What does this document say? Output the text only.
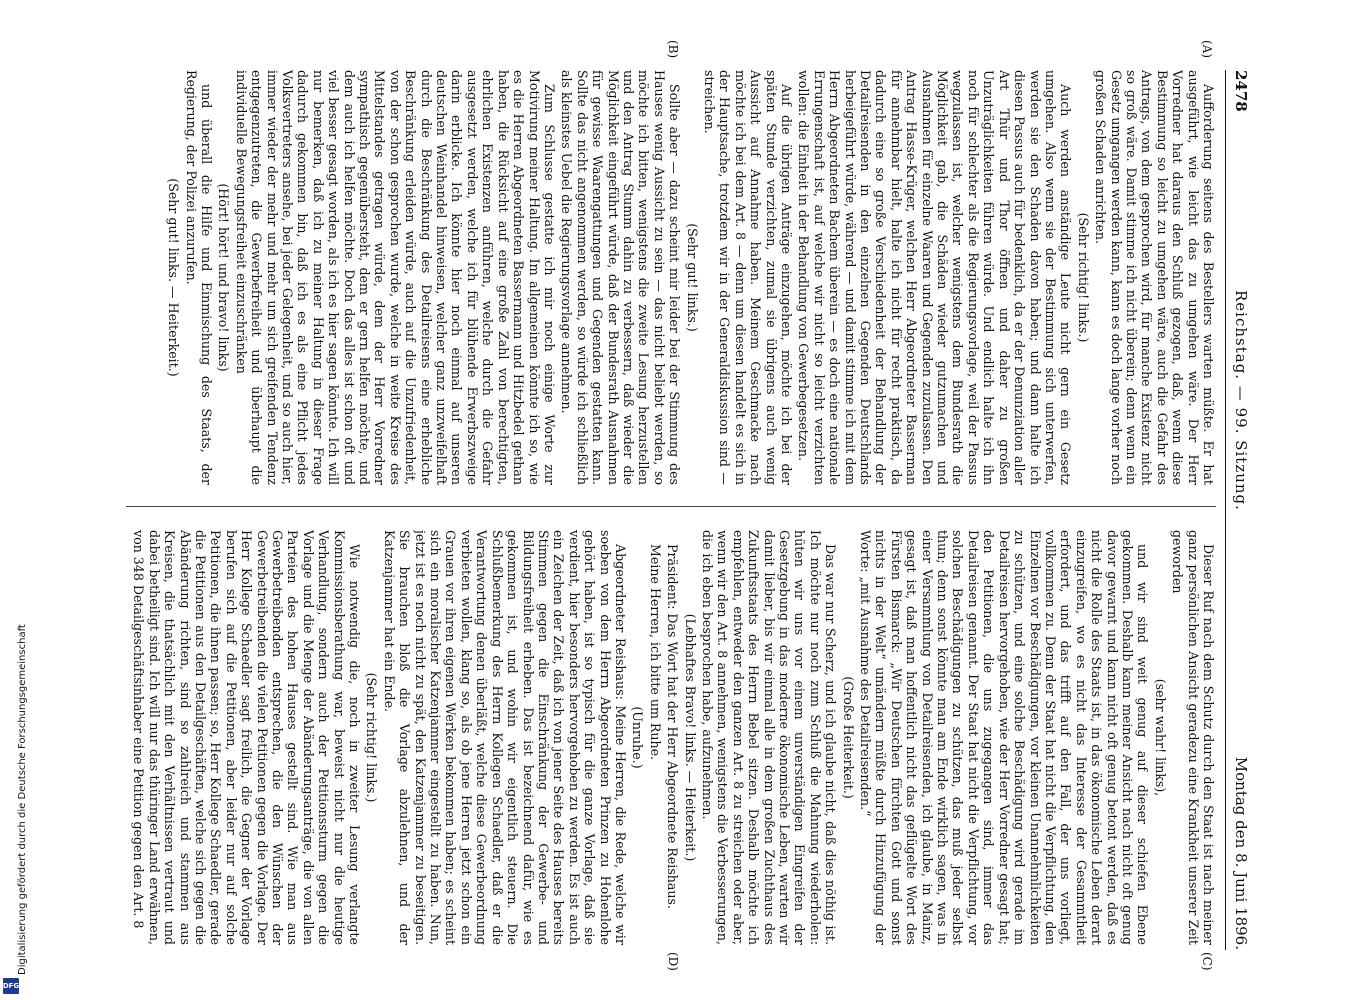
DFG
Digitalisierung gefördert durch die Deutsche Forschungsgemeinschaft
2478
Reichstag. — 99. Sitzung.
Montag den 8. Juni 1896.
(A)
(B)
(C)
(D)

Aufforderung seitens des Bestellers warten müßte. Er hat ausgeführt, wie leicht das zu umgehen wäre. Der Herr Vorredner hat daraus den Schluß gezogen, daß, wenn diese Bestimmung so leicht zu umgehen wäre, auch die Gefahr des Antrags, von dem gesprochen wird, für manche Existenz nicht so groß wäre. Damit stimme ich nicht überein; denn wenn ein Gesetz umgangen werden kann, kann es doch lange vorher noch großen Schaden anrichten.

(Sehr richtig! links.)

Auch werden anständige Leute nicht gern ein Gesetz umgehen. Also wenn sie der Bestimmung sich unterwerfen, werden sie den Schaden davon haben; und dann halte ich diesen Passus auch für bedenklich, da er der Denunziation aller Art Thür und Thor öffnen und daher zu großen Unzuträglichkeiten führen würde. Und endlich halte ich ihn noch für schlechter als die Regierungsvorlage, weil der Passus wegzulassen ist, welcher wenigstens dem Bundesrath die Möglichkeit gab, die Schäden wieder gutzumachen und Ausnahmen für einzelne Waaren und Gegenden zuzulassen. Den Antrag Hasse-Krüger, welchen Herr Abgeordneter Basserman für annehmbar hielt, halte ich nicht für recht praktisch, da dadurch eine so große Verschiedenheit der Behandlung der Detailreisenden in den einzelnen Gegenden Deutschlands herbeigeführt würde, während — und damit stimme ich mit dem Herrn Abgeordneten Bachem überein — es doch eine nationale Errungenschaft ist, auf welche wir nicht so leicht verzichten wollen: die Einheit in der Behandlung von Gewerbegesetzen.

Auf die übrigen Anträge einzugehen, möchte ich bei der späten Stunde verzichten, zumal sie übrigens auch wenig Aussicht auf Annahme haben. Meinem Geschmacke nach möchte ich bei dem Art. 8 — denn um diesen handelt es sich in der Hauptsache, trotzdem wir in der Generaldiskussion sind — streichen.

(Sehr gut! links.)

Sollte aber — dazu scheint mir leider bei der Stimmung des Hauses wenig Aussicht zu sein — das nicht beliebt werden, so möchte ich bitten, wenigstens die zweite Lesung herzustellen und den Antrag Stumm dahin zu verbessern, daß wieder die Möglichkeit eingeführt würde, daß der Bundesrath Ausnahmen für gewisse Waarengattungen und Gegenden gestatten kann. Sollte das nicht angenommen werden, so würde ich schließlich als kleinstes Uebel die Regierungsvorlage annehmen.

Zum Schlusse gestatte ich mir noch einige Worte zur Motivirung meiner Haltung. Im allgemeinen könnte ich so, wie es die Herren Abgeordneten Bassermann und Hitzbedel gethan haben, die Rücksicht auf eine große Zahl von berechtigten, ehrlichen Existenzen anführen, welche durch die Gefahr ausgesetzt werden, welche ich für blühende Erwerbszweige darin erblicke. Ich könnte hier noch einmal auf unseren deutschen Weinhandel hinweisen, welcher ganz unzweifelhaft durch die Beschränkung des Detailreisens eine erhebliche Beschränkung erleiden würde, auch auf die Unzufriedenheit, von der schon gesprochen wurde, welche in weite Kreise des Mittelstandes getragen würde, dem der Herr Vorredner sympathisch gegenübersteht, dem er gern helfen möchte, und dem auch ich helfen möchte. Doch das alles ist schon oft und viel besser gesagt worden, als ich es hier sagen könnte. Ich will nur bemerken, daß ich zu meiner Haltung in dieser Frage dadurch gekommen bin, daß ich es als eine Pflicht jedes Volksvertreters ansehe, bei jeder Gelegenheit, und so auch hier, immer wieder der mehr und mehr um sich greifenden Tendenz entgegenzutreten, die Gewerbefreiheit und überhaupt die individuelle Bewegungsfreiheit einzuschränken

(Hört! hört! und bravo! links)

und überall die Hilfe und Einmischung des Staats, der Regierung, der Polizei anzurufen.

(Sehr gut! links. — Heiterkeit.)

Dieser Ruf nach dem Schutz durch den Staat ist nach meiner ganz persönlichen Ansicht geradezu eine Krankheit unserer Zeit geworden

(sehr wahr! links),

und wir sind weit genug auf dieser schiefen Ebene gekommen. Deshalb kann meiner Ansicht nach nicht oft genug davor gewarnt und kann nicht oft genug betont werden, daß es nicht die Rolle des Staats ist, in das ökonomische Leben derart einzugreifen, wo es nicht das Interesse der Gesammtheit erfordert, und das trifft auf den Fall, der uns vorliegt, vollkommen zu. Denn der Staat hat nicht die Verpflichtung, den Einzelnen vor Beschädigungen, vor kleinen Unannehmlichkeiten zu schützen, und eine solche Beschädigung wird gerade im Detailreisen hervorgehoben, wie der Herr Vorredner gesagt hat; den Petitionen, die uns zugegangen sind, immer das Detailreisen genannt. Der Staat hat nicht die Verpflichtung, vor solchen Beschädigungen zu schützen, das muß jeder selbst thun; denn sonst könnte man am Ende wirklich sagen, was in einer Versammlung von Detailreisenden, ich glaube, in Mainz, gesagt ist, daß man hoffentlich nicht das geflügelte Wort des Fürsten Bismarck: „Wir Deutschen fürchten Gott und sonst nichts in der Welt“ umändern müßte durch Hinzufügung der Worte: „mit Ausnahme des Detailreisenden.“

(Große Heiterkeit.)

Das war nur Scherz, und ich glaube nicht, daß dies nöthig ist. Ich möchte nur noch zum Schluß die Mahnung wiederholen: hüten wir uns vor einem unverständigen Eingreifen der Gesetzgebung in das moderne ökonomische Leben, warten wir damit lieber, bis wir einmal alle in dem großen Zuchthaus des Zukunftsstaats des Herrn Bebel sitzen. Deshalb möchte ich empfehlen, entweder den ganzen Art. 8 zu streichen oder aber, wenn wir den Art. 8 annehmen, wenigstens die Verbesserungen, die ich eben besprochen habe, aufzunehmen.

(Lebhaftes Bravo! links. — Heiterkeit.)

Präsident: Das Wort hat der Herr Abgeordnete Reishaus.

Meine Herren, ich bitte um Ruhe.

(Unruhe.)

Abgeordneter Reishaus: Meine Herren, die Rede, welche wir soeben von dem Herrn Abgeordneten Prinzen zu Hohenlohe gehört haben, ist so typisch für die ganze Vorlage, daß sie verdient, hier besonders hervorgehoben zu werden. Es ist auch ein Zeichen der Zeit, daß ich von jener Seite des Hauses bereits Stimmen gegen die Einschränkung der Gewerbe- und Bildungsfreiheit erheben. Das ist bezeichnend dafür, wie es gekommen ist, und wohin wir eigentlich steuern. Die Schlußbemerkung des Herrn Kollegen Schaedler, daß er die Verantwortung denen überläßt, welche diese Gewerbeordnung verbieten wollen, klang so, als ob jene Herren jetzt schon ein Grauen vor ihren eigenen Werken bekommen haben; es scheint sich ein moralischer Katzenjammer eingestellt zu haben. Nun, jetzt ist es noch nicht zu spät, den Katzenjammer zu beseitigen. Sie brauchen bloß die Vorlage abzulehnen, und der Katzenjammer hat ein Ende.

(Sehr richtig! links.)

Wie notwendig die, noch in zweiter Lesung verlangte Kommissionsberathung war, beweist nicht nur die heutige Verhandlung, sondern auch der Petitionssturm gegen die Vorlage und die Menge der Abänderungsanträge, die von allen Parteien des hohen Hauses gestellt sind. Wie man aus Gewerbetreibenden entsprechen, die den Wünschen der Gewerbetreibenden die vielen Petitionen gegen die Vorlage. Der Herr Kollege Schaedler sagt freilich, die Gegner der Vorlage berufen sich auf die Petitionen, aber leider nur auf solche Petitionen, die ihnen passen; so, Herr Kollege Schaedler, gerade die Petitionen aus den Detailgeschäften, welche sich gegen die Abänderung richten, sind so zahlreich und stammen aus Kreisen, die thatsächlich mit den Verhältnissen vertraut und dabei betheiligt sind. Ich will nur das thüringer Land erwähnen, von 348 Detailgeschäftsinhaber eine Petition gegen den Art. 8
